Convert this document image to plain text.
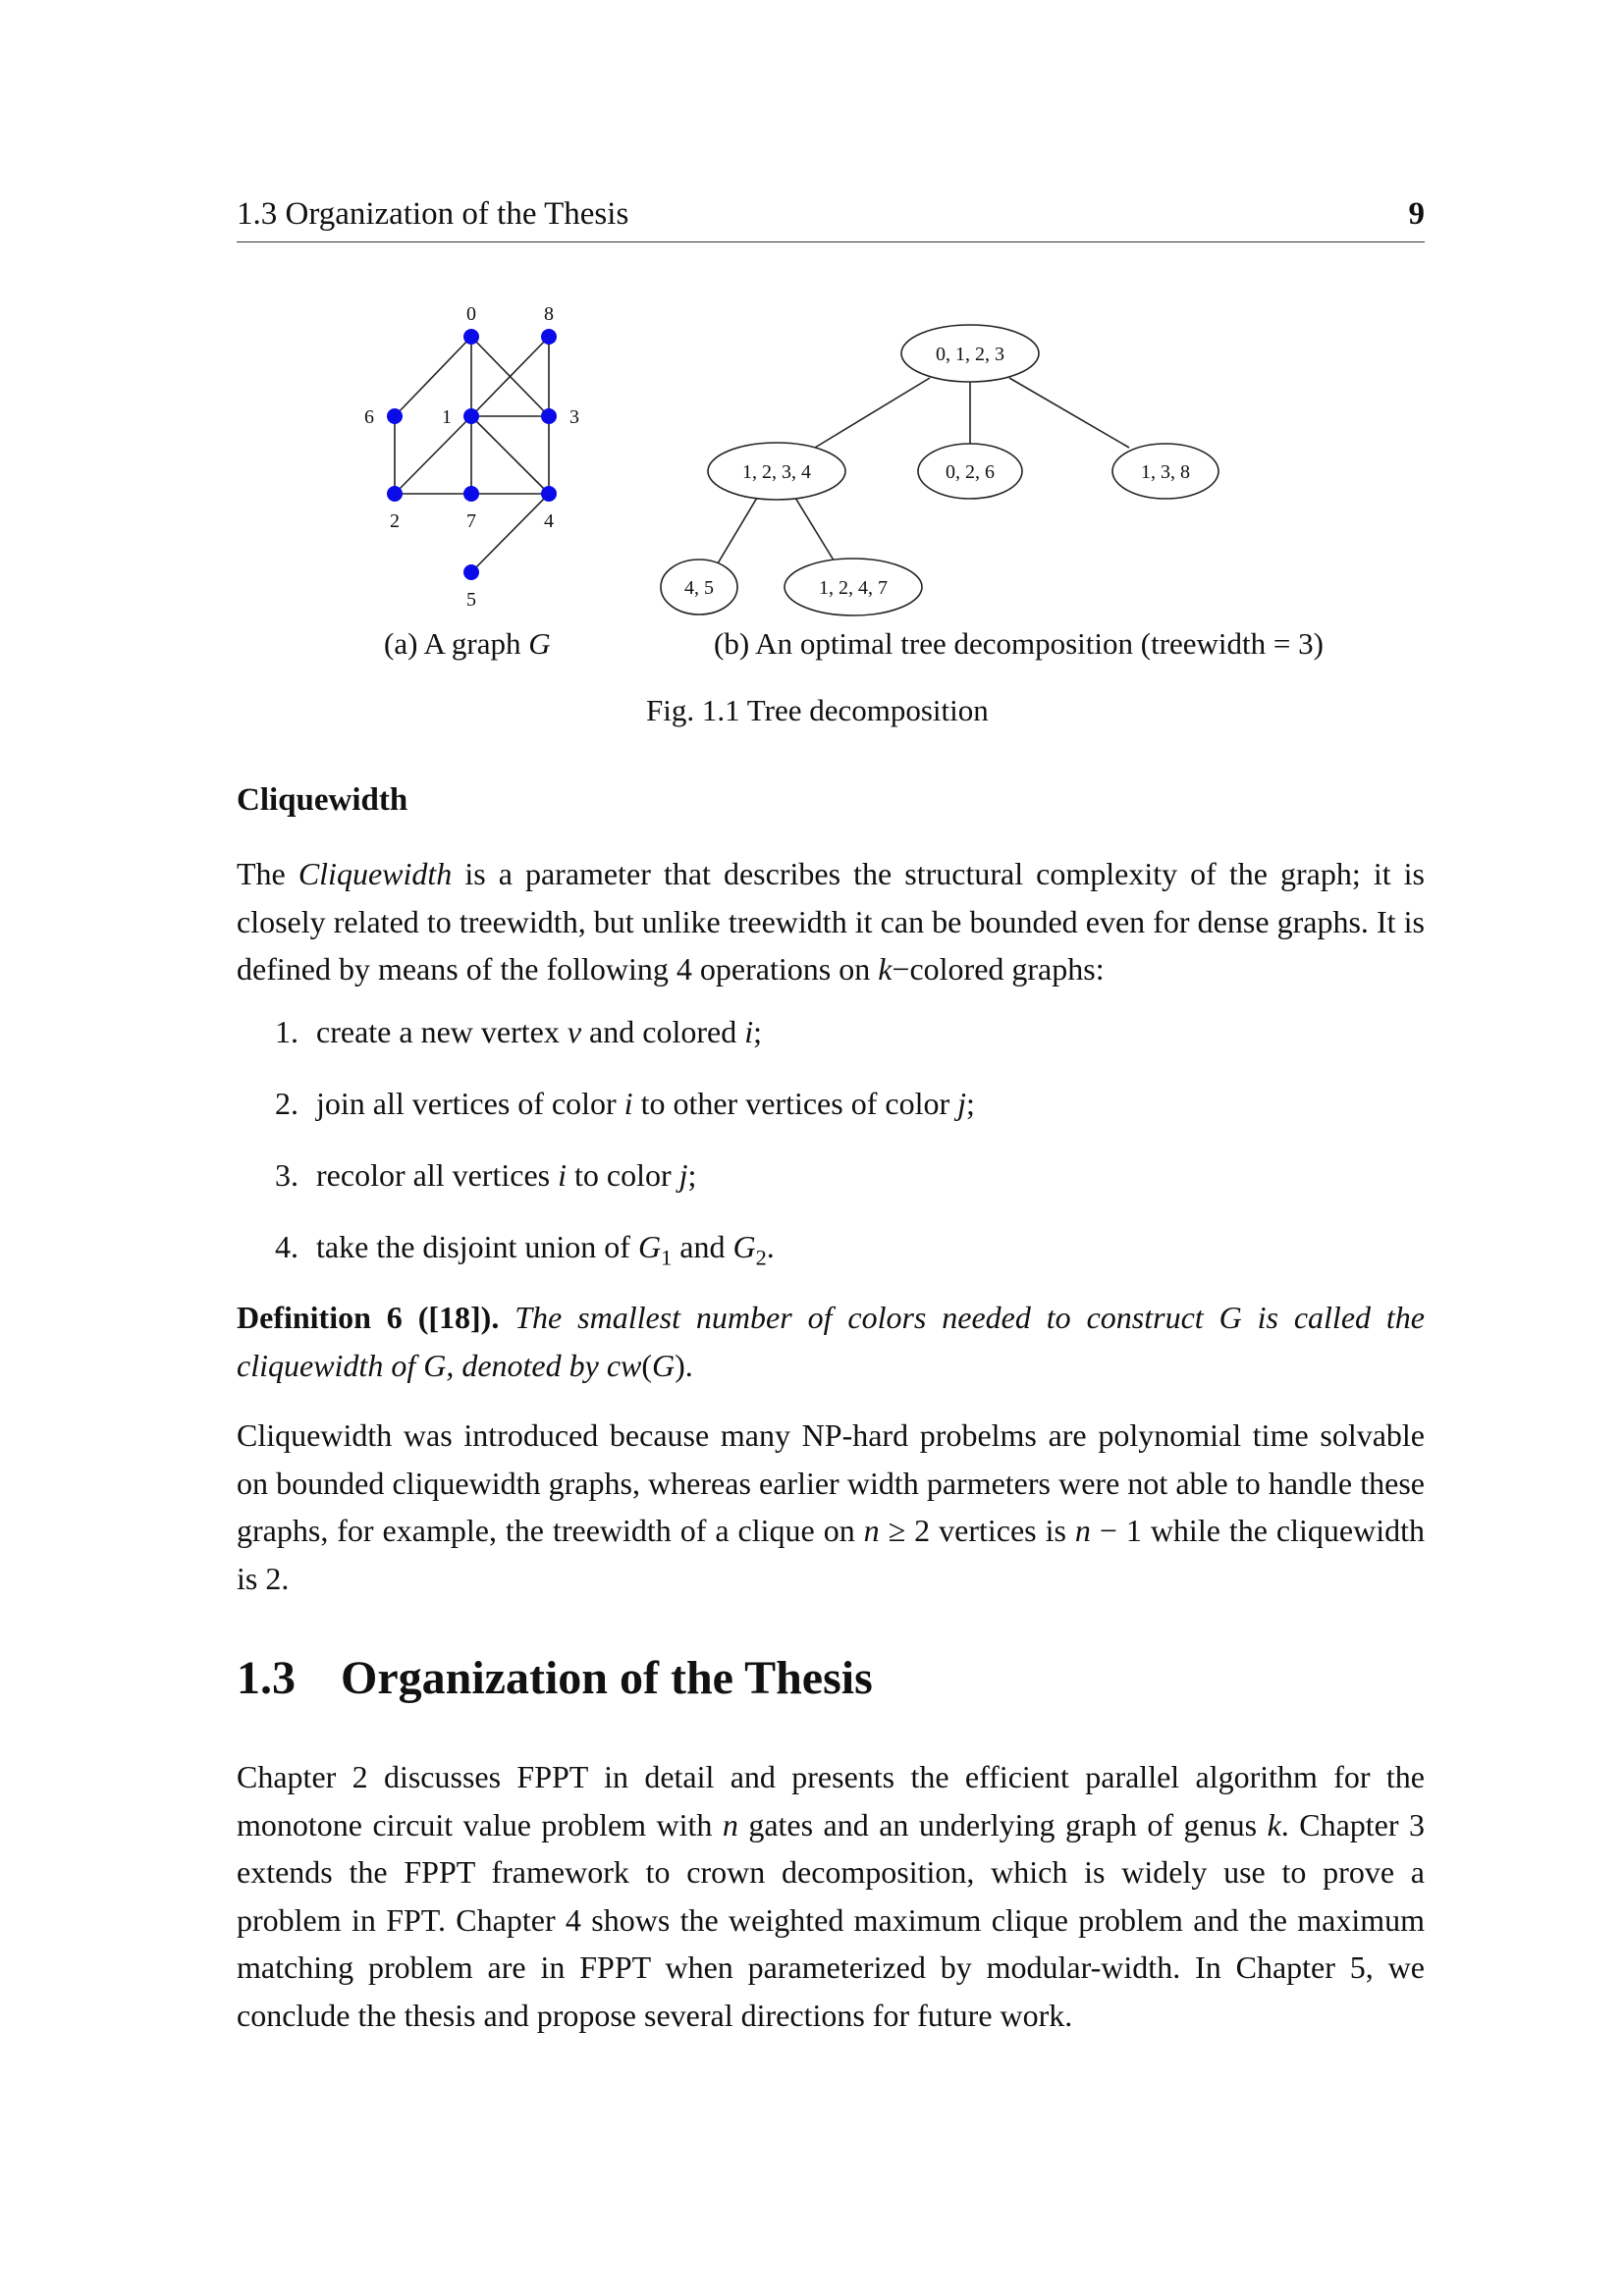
1.3 Organization of the Thesis	9
0	8
6	1	3
2	7	4
5
0, 1, 2, 3
1, 2, 3, 4	0, 2, 6	1, 3, 8
4, 5	1, 2, 4, 7
(a) A graph G	(b) An optimal tree decomposition (treewidth = 3)
Fig. 1.1 Tree decomposition
Cliquewidth

The Cliquewidth is a parameter that describes the structural complexity of the graph; it is closely related to treewidth, but unlike treewidth it can be bounded even for dense graphs. It is defined by means of the following 4 operations on k−colored graphs:

1. create a new vertex v and colored i;
2. join all vertices of color i to other vertices of color j;
3. recolor all vertices i to color j;
4. take the disjoint union of $G_1$ and $G_2$.

Definition 6 ([18]). The smallest number of colors needed to construct G is called the cliquewidth of G, denoted by cw(G).

Cliquewidth was introduced because many NP-hard probelms are polynomial time solvable on bounded cliquewidth graphs, whereas earlier width parmeters were not able to handle these graphs, for example, the treewidth of a clique on n ≥ 2 vertices is n − 1 while the cliquewidth is 2.

1.3 Organization of the Thesis

Chapter 2 discusses FPPT in detail and presents the efficient parallel algorithm for the monotone circuit value problem with n gates and an underlying graph of genus k. Chapter 3 extends the FPPT framework to crown decomposition, which is widely use to prove a problem in FPT. Chapter 4 shows the weighted maximum clique problem and the maximum matching problem are in FPPT when parameterized by modular-width. In Chapter 5, we conclude the thesis and propose several directions for future work.
